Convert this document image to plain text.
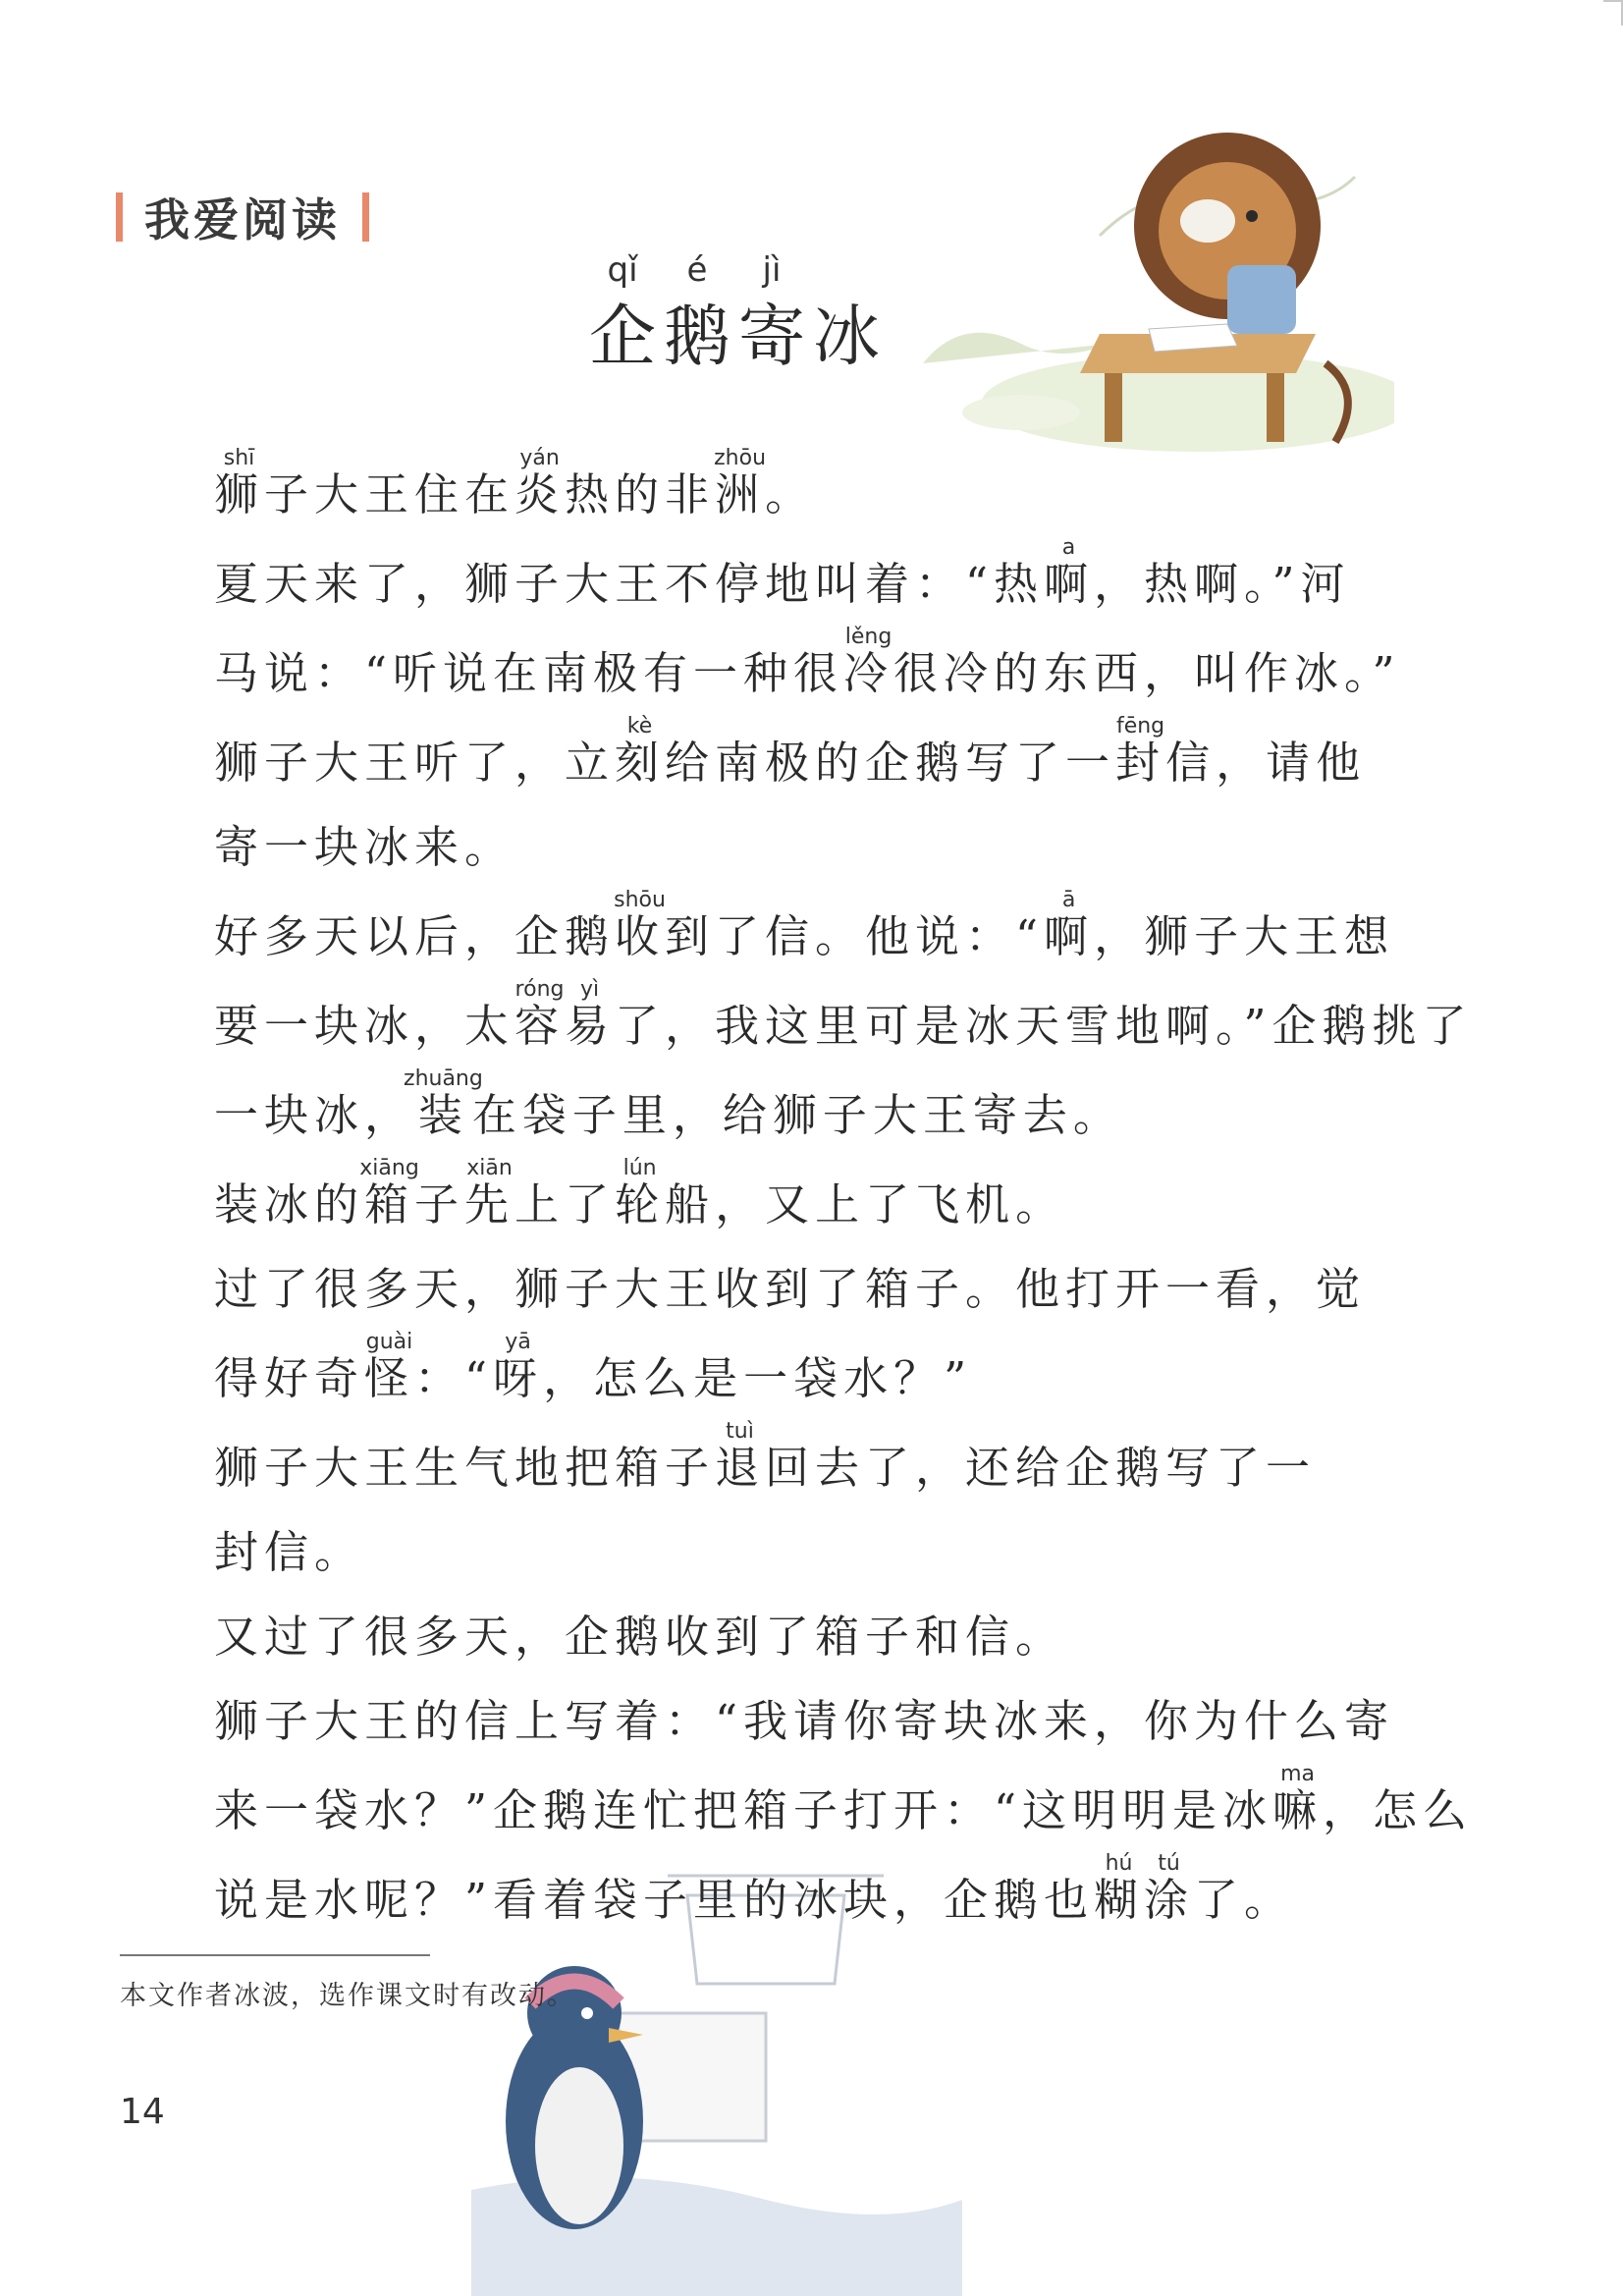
我爱阅读
qǐ
企
é
鹅
jì
寄 冰

狮shī子大王住在炎yán热的非洲zhōu。

夏天来了，狮子大王不停地叫着：“热啊a，热啊。”河
马说：“听说在南极有一种很冷lěng很冷的东西，叫作冰。”

狮子大王听了，立刻kè给南极的企鹅写了一封fēng信，请他
寄一块冰来。

好多天以后，企鹅收shōu到了信。他说：“啊ā，狮子大王想
要一块冰，太容róng易yì了，我这里可是冰天雪地啊。”企鹅挑了
一块冰，装zhuāng在袋子里，给狮子大王寄去。

装冰的箱xiāng子先xiān上了轮lún船，又上了飞机。

过了很多天，狮子大王收到了箱子。他打开一看，觉
得好奇怪guài：“呀yā，怎么是一袋水？”

狮子大王生气地把箱子退tuì回去了，还给企鹅写了一
封信。

又过了很多天，企鹅收到了箱子和信。

狮子大王的信上写着：“我请你寄块冰来，你为什么寄
来一袋水？”企鹅连忙把箱子打开：“这明明是冰嘛ma，怎么
说是水呢？”看着袋子里的冰块，企鹅也糊hú涂tú了。

本文作者冰波，选作课文时有改动。
14
